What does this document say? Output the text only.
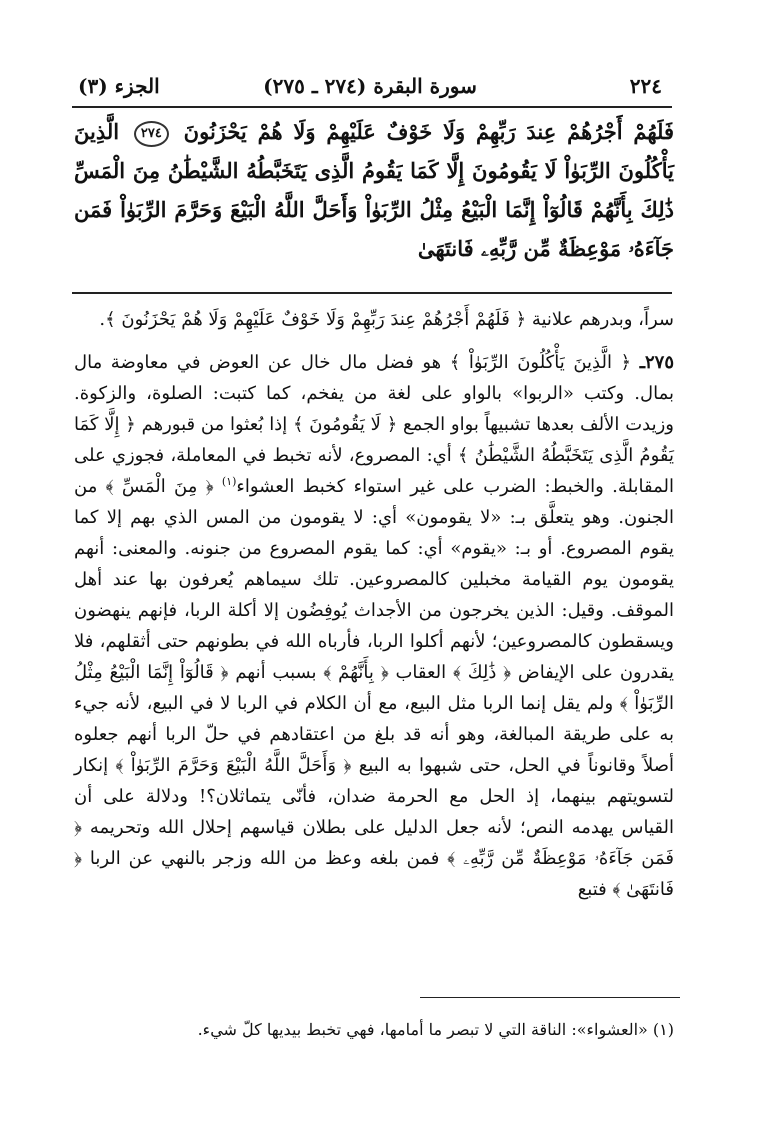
٢٢٤
سورة البقرة (٢٧٤ ـ ٢٧٥)
الجزء (٣)
فَلَهُمْ أَجْرُهُمْ عِندَ رَبِّهِمْ وَلَا خَوْفٌ عَلَيْهِمْ وَلَا هُمْ يَحْزَنُونَ ٢٧٤ الَّذِينَ يَأْكُلُونَ الرِّبَوٰاْ لَا يَقُومُونَ إِلَّا كَمَا يَقُومُ الَّذِى يَتَخَبَّطُهُ الشَّيْطَٰنُ مِنَ الْمَسِّ ذَٰلِكَ بِأَنَّهُمْ قَالُوٓاْ إِنَّمَا الْبَيْعُ مِثْلُ الرِّبَوٰاْ وَأَحَلَّ اللَّهُ الْبَيْعَ وَحَرَّمَ الرِّبَوٰاْ فَمَن جَآءَهُۥ مَوْعِظَةٌ مِّن رَّبِّهِۦ فَانتَهَىٰ

سراً، وبدرهم علانية ﴿ فَلَهُمْ أَجْرُهُمْ عِندَ رَبِّهِمْ وَلَا خَوْفٌ عَلَيْهِمْ وَلَا هُمْ يَحْزَنُونَ ﴾.

٢٧٥ـ ﴿ الَّذِينَ يَأْكُلُونَ الرِّبَوٰاْ ﴾ هو فضل مال خال عن العوض في معاوضة مال بمال. وكتب «الربوا» بالواو على لغة من يفخم، كما كتبت: الصلوة، والزكوة. وزيدت الألف بعدها تشبيهاً بواو الجمع ﴿ لَا يَقُومُونَ ﴾ إذا بُعثوا من قبورهم ﴿ إِلَّا كَمَا يَقُومُ الَّذِى يَتَخَبَّطُهُ الشَّيْطَٰنُ ﴾ أي: المصروع، لأنه تخبط في المعاملة، فجوزي على المقابلة. والخبط: الضرب على غير استواء كخبط العشواء$^{(١)}$ ﴿ مِنَ الْمَسِّ ﴾ من الجنون. وهو يتعلَّق بـ: «لا يقومون» أي: لا يقومون من المس الذي بهم إلا كما يقوم المصروع. أو بـ: «يقوم» أي: كما يقوم المصروع من جنونه. والمعنى: أنهم يقومون يوم القيامة مخبلين كالمصروعين. تلك سيماهم يُعرفون بها عند أهل الموقف. وقيل: الذين يخرجون من الأجداث يُوفِضُون إلا أكلة الربا، فإنهم ينهضون ويسقطون كالمصروعين؛ لأنهم أكلوا الربا، فأرباه الله في بطونهم حتى أثقلهم، فلا يقدرون على الإيفاض ﴿ ذَٰلِكَ ﴾ العقاب ﴿ بِأَنَّهُمْ ﴾ بسبب أنهم ﴿ قَالُوٓاْ إِنَّمَا الْبَيْعُ مِثْلُ الرِّبَوٰاْ ﴾ ولم يقل إنما الربا مثل البيع، مع أن الكلام في الربا لا في البيع، لأنه جيء به على طريقة المبالغة، وهو أنه قد بلغ من اعتقادهم في حلّ الربا أنهم جعلوه أصلاً وقانوناً في الحل، حتى شبهوا به البيع ﴿ وَأَحَلَّ اللَّهُ الْبَيْعَ وَحَرَّمَ الرِّبَوٰاْ ﴾ إنكار لتسويتهم بينهما، إذ الحل مع الحرمة ضدان، فأنّى يتماثلان؟! ودلالة على أن القياس يهدمه النص؛ لأنه جعل الدليل على بطلان قياسهم إحلال الله وتحريمه ﴿ فَمَن جَآءَهُۥ مَوْعِظَةٌ مِّن رَّبِّهِۦ ﴾ فمن بلغه وعظ من الله وزجر بالنهي عن الربا ﴿ فَانتَهَىٰ ﴾ فتبع

(١) «العشواء»: الناقة التي لا تبصر ما أمامها، فهي تخبط بيديها كلّ شيء.
